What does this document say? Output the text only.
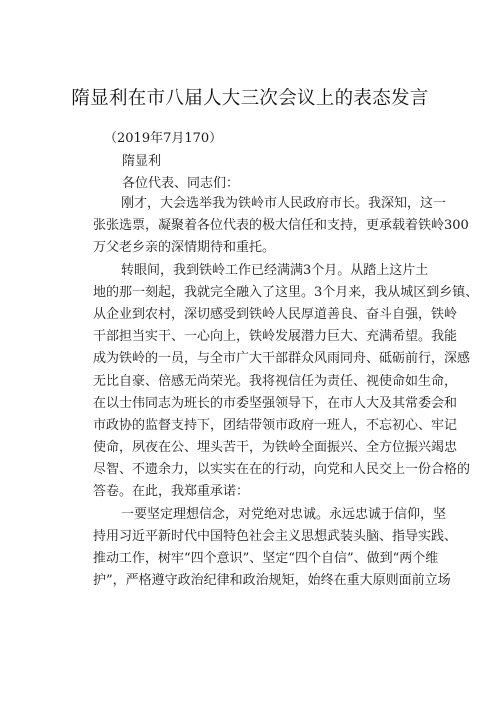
隋显利在市八届人大三次会议上的表态发言

（2019年7月170）

隋显利

各位代表、同志们：

刚才，大会选举我为铁岭市人民政府市长。我深知，这一
张张选票，凝聚着各位代表的极大信任和支持，更承载着铁岭300
万父老乡亲的深情期待和重托。
转眼间，我到铁岭工作已经满满3个月。从踏上这片土
地的那一刻起，我就完全融入了这里。3个月来，我从城区到乡镇、
从企业到农村，深切感受到铁岭人民厚道善良、奋斗自强，铁岭
干部担当实干、一心向上，铁岭发展潜力巨大、充满希望。我能
成为铁岭的一员，与全市广大干部群众风雨同舟、砥砺前行，深感
无比自豪、倍感无尚荣光。我将视信任为责任、视使命如生命，
在以士伟同志为班长的市委坚强领导下，在市人大及其常委会和
市政协的监督支持下，团结带领市政府一班人，不忘初心、牢记
使命，夙夜在公、埋头苦干，为铁岭全面振兴、全方位振兴竭忠
尽智、不遗余力，以实实在在的行动，向党和人民交上一份合格的
答卷。在此，我郑重承诺：
一要坚定理想信念，对党绝对忠诚。永远忠诚于信仰，坚
持用习近平新时代中国特色社会主义思想武装头脑、指导实践、
推动工作，树牢“四个意识”、坚定“四个自信”、做到“两个维
护”，严格遵守政治纪律和政治规矩，始终在重大原则面前立场
